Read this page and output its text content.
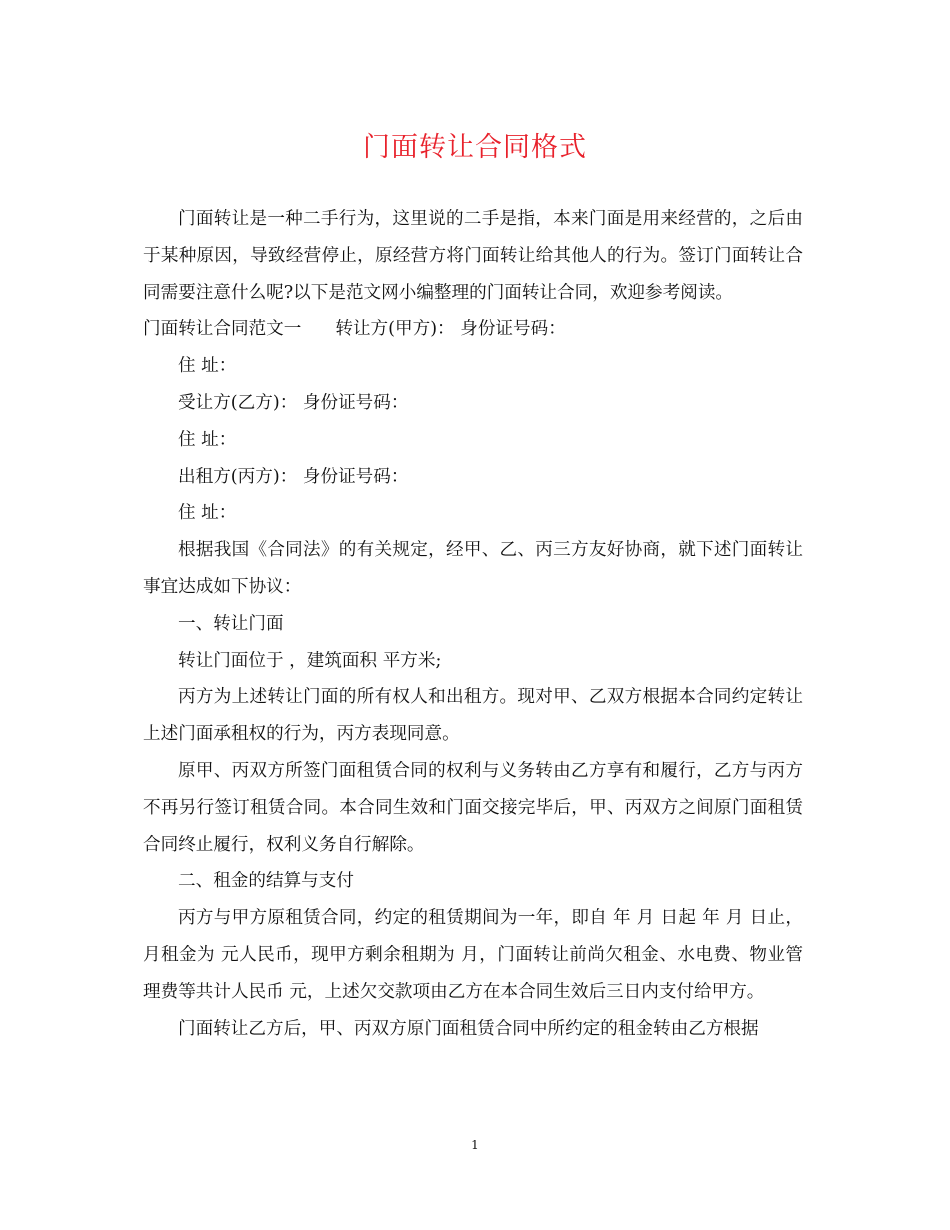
门面转让合同格式

门面转让是一种二手行为，这里说的二手是指，本来门面是用来经营的，之后由于某种原因，导致经营停止，原经营方将门面转让给其他人的行为。签订门面转让合同需要注意什么呢?以下是范文网小编整理的门面转让合同，欢迎参考阅读。

门面转让合同范文一 转让方(甲方)： 身份证号码：

住 址：

受让方(乙方)： 身份证号码：

住 址：

出租方(丙方)： 身份证号码：

住 址：

根据我国《合同法》的有关规定，经甲、乙、丙三方友好协商，就下述门面转让事宜达成如下协议：

一、转让门面

转让门面位于 ，建筑面积 平方米;

丙方为上述转让门面的所有权人和出租方。现对甲、乙双方根据本合同约定转让上述门面承租权的行为，丙方表现同意。

原甲、丙双方所签门面租赁合同的权利与义务转由乙方享有和履行，乙方与丙方不再另行签订租赁合同。本合同生效和门面交接完毕后，甲、丙双方之间原门面租赁合同终止履行，权利义务自行解除。

二、租金的结算与支付

丙方与甲方原租赁合同，约定的租赁期间为一年，即自 年 月 日起 年 月 日止，月租金为 元人民币，现甲方剩余租期为 月，门面转让前尚欠租金、水电费、物业管理费等共计人民币 元，上述欠交款项由乙方在本合同生效后三日内支付给甲方。

门面转让乙方后，甲、丙双方原门面租赁合同中所约定的租金转由乙方根据

1
